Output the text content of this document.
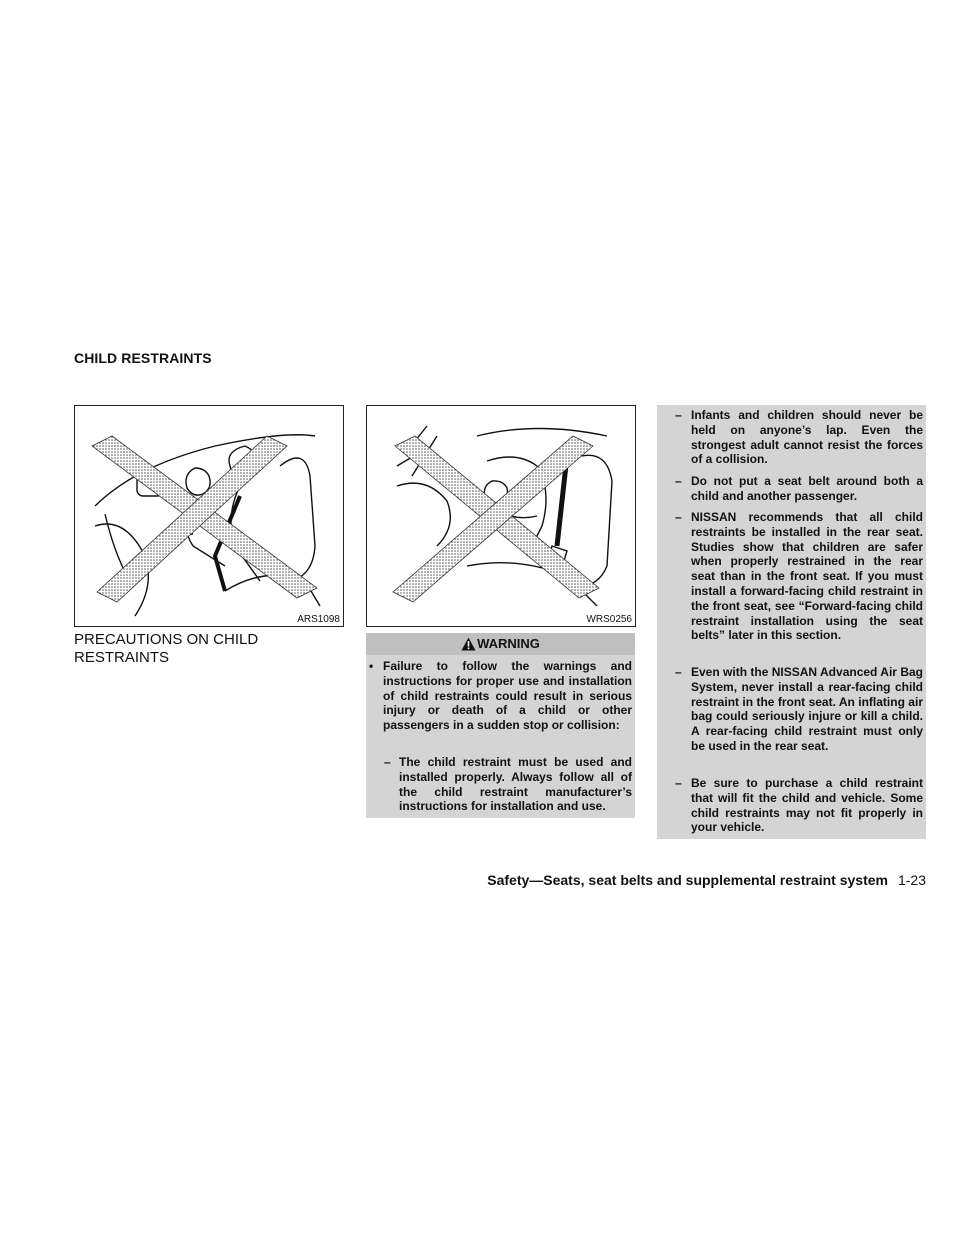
CHILD RESTRAINTS
ARS1098	WRS0256
PRECAUTIONS ON CHILD RESTRAINTS
WARNING
• Failure to follow the warnings and instructions for proper use and installation of child restraints could result in serious injury or death of a child or other passengers in a sudden stop or collision:

– The child restraint must be used and installed properly. Always follow all of the child restraint manufacturer’s instructions for installation and use.

– Infants and children should never be held on anyone’s lap. Even the strongest adult cannot resist the forces of a collision.

– Do not put a seat belt around both a child and another passenger.

– NISSAN recommends that all child restraints be installed in the rear seat. Studies show that children are safer when properly restrained in the rear seat than in the front seat. If you must install a forward-facing child restraint in the front seat, see “Forward-facing child restraint installation using the seat belts” later in this section.

– Even with the NISSAN Advanced Air Bag System, never install a rear-facing child restraint in the front seat. An inflating air bag could seriously injure or kill a child. A rear-facing child restraint must only be used in the rear seat.

– Be sure to purchase a child restraint that will fit the child and vehicle. Some child restraints may not fit properly in your vehicle.

Safety—Seats, seat belts and supplemental restraint system 1-23
